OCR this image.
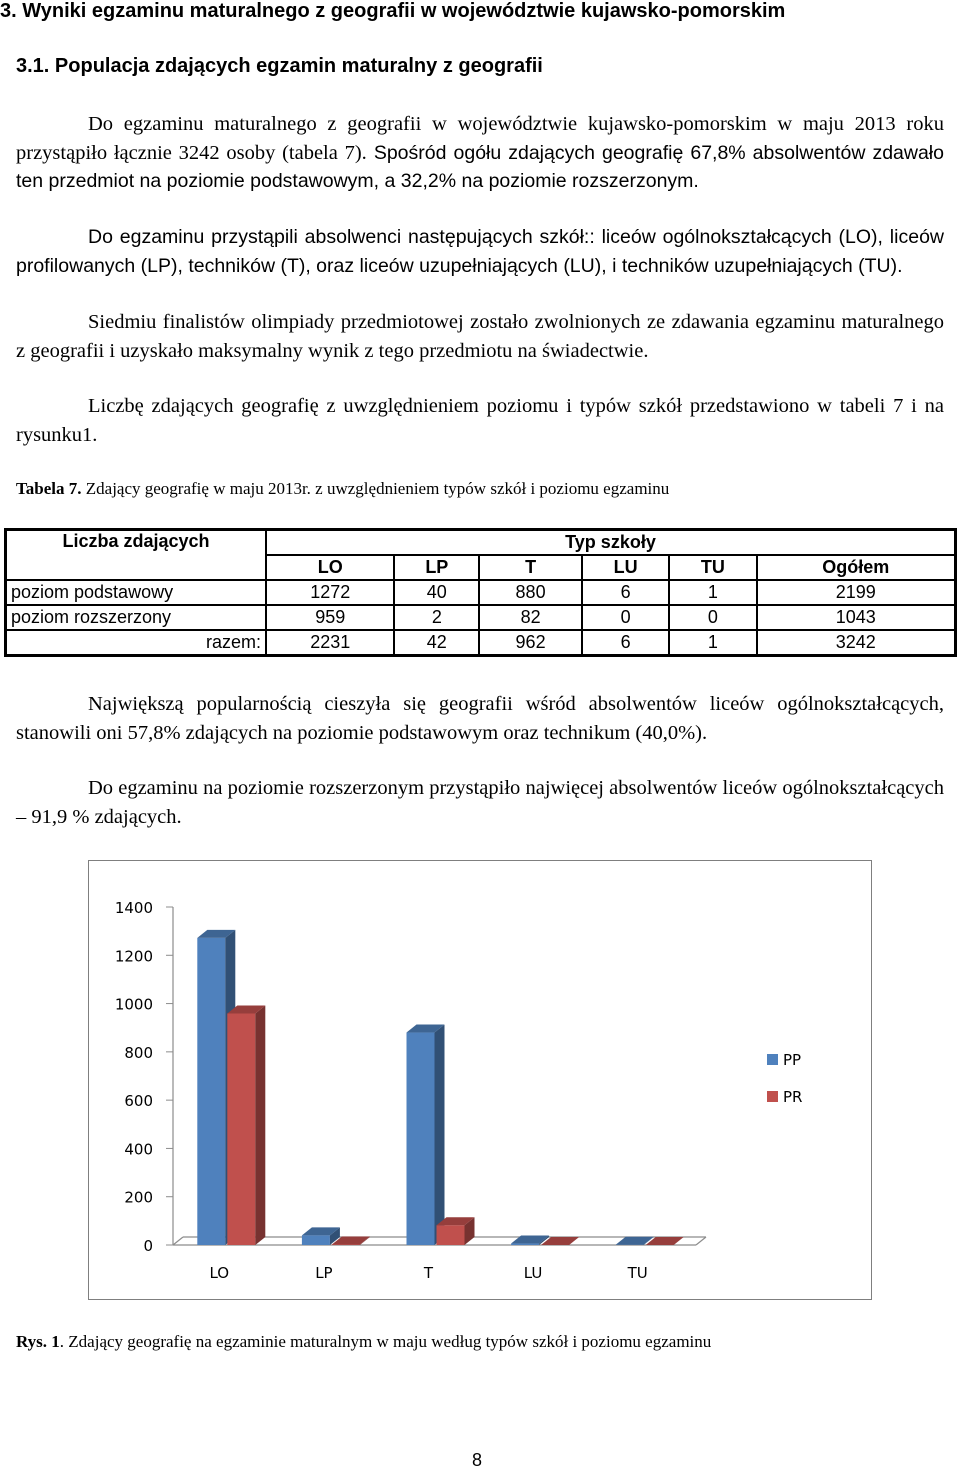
3. Wyniki egzaminu maturalnego z geografii w województwie kujawsko-pomorskim
3.1. Populacja zdających egzamin maturalny z geografii

Do egzaminu maturalnego z geografii w województwie kujawsko-pomorskim w maju 2013 roku przystąpiło łącznie 3242 osoby (tabela 7). Spośród ogółu zdających geografię 67,8% absolwentów zdawało ten przedmiot na poziomie podstawowym, a 32,2% na poziomie rozszerzonym.

Do egzaminu przystąpili absolwenci następujących szkół:: liceów ogólnokształcących (LO), liceów profilowanych (LP), techników (T), oraz liceów uzupełniających (LU), i techników uzupełniających (TU).

Siedmiu finalistów olimpiady przedmiotowej zostało zwolnionych ze zdawania egzaminu maturalnego z geografii i uzyskało maksymalny wynik z tego przedmiotu na świadectwie.

Liczbę zdających geografię z uwzględnieniem poziomu i typów szkół przedstawiono w tabeli 7 i na rysunku1.

Tabela 7. Zdający geografię w maju 2013r. z uwzględnieniem typów szkół i poziomu egzaminu
Liczba zdających	Typ szkoły					
	LO	LP	T	LU	TU	Ogółem
poziom podstawowy	1272	40	880	6	1	2199
poziom rozszerzony	959	2	82	0	0	1043
razem:	2231	42	962	6	1	3242

Największą popularnością cieszyła się geografii wśród absolwentów liceów ogólnokształcących, stanowili oni 57,8% zdających na poziomie podstawowym oraz technikum (40,0%).

Do egzaminu na poziomie rozszerzonym przystąpiło najwięcej absolwentów liceów ogólnokształcących – 91,9 % zdających.

0
200
400
600
800
1000
1200
1400
LO	LP	T	LU	TU
PP
PR
Rys. 1. Zdający geografię na egzaminie maturalnym w maju według typów szkół i poziomu egzaminu
8
